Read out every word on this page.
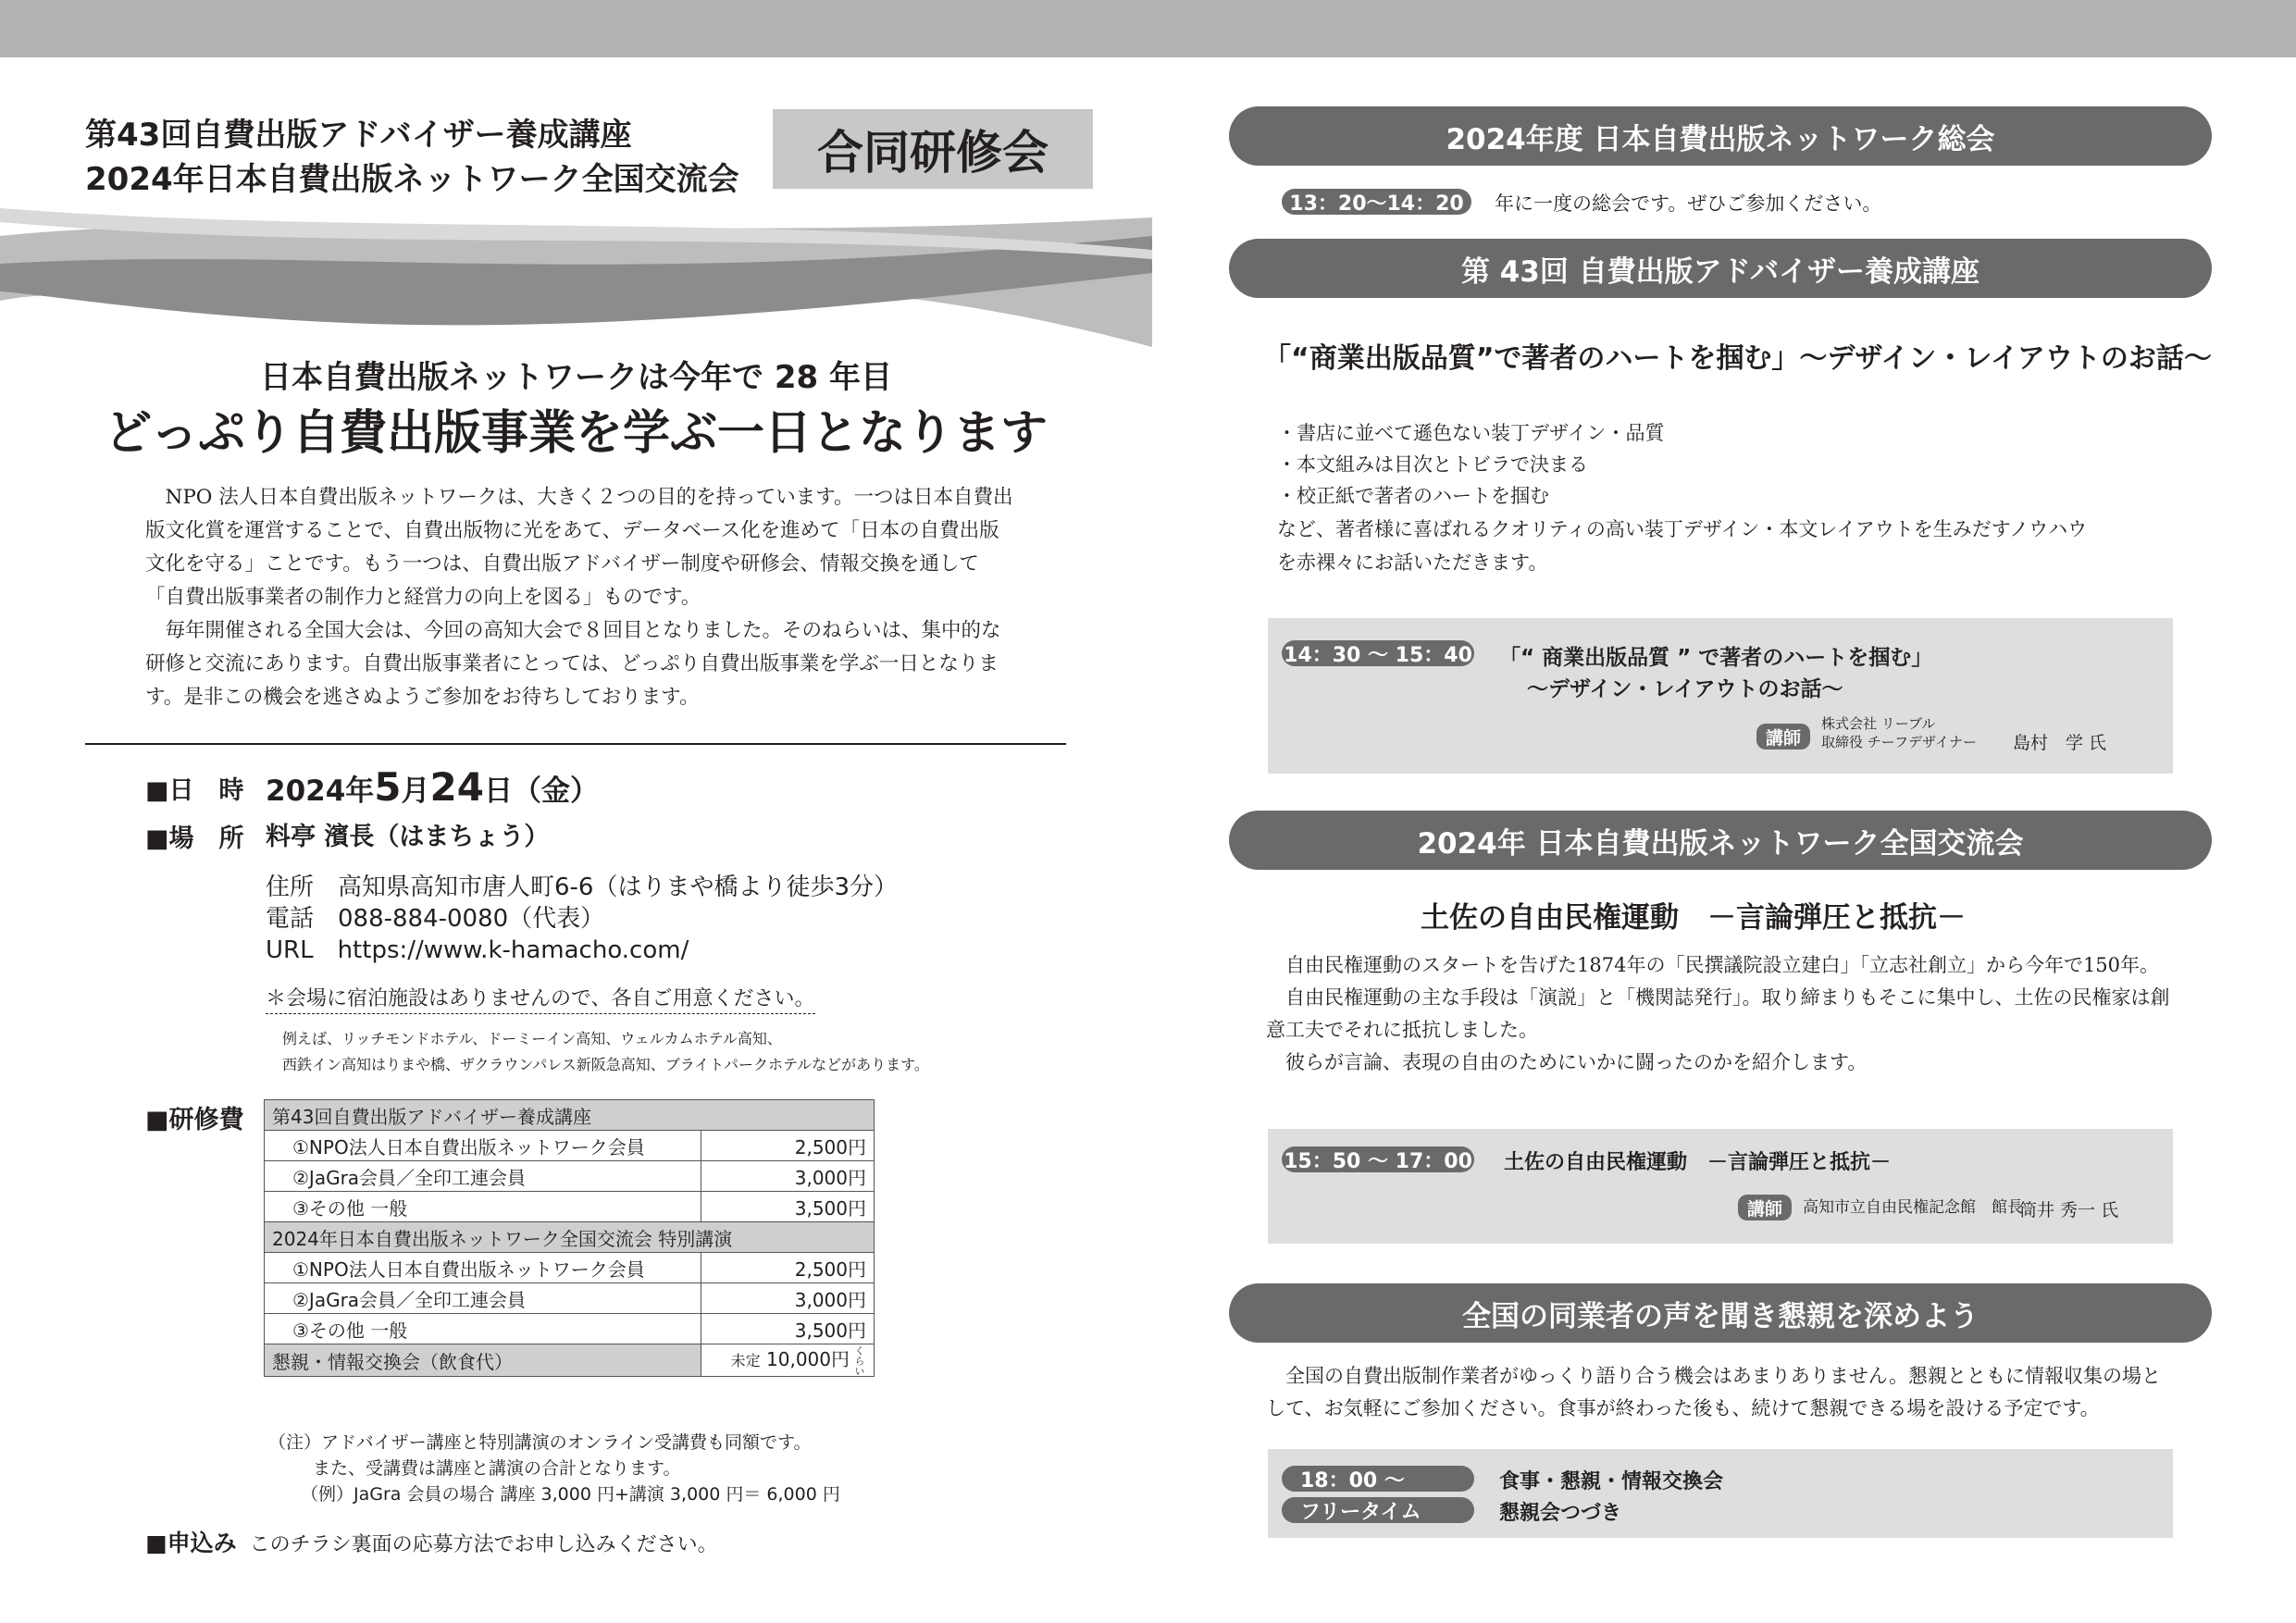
第43回自費出版アドバイザー養成講座
2024年日本自費出版ネットワーク全国交流会	合同研修会
日本自費出版ネットワークは今年で 28 年目
どっぷり自費出版事業を学ぶ一日となります

NPO 法人日本自費出版ネットワークは、大きく２つの目的を持っています。一つは日本自費出版文化賞を運営することで、自費出版物に光をあて、データベース化を進めて「日本の自費出版文化を守る」ことです。もう一つは、自費出版アドバイザー制度や研修会、情報交換を通して「自費出版事業者の制作力と経営力の向上を図る」ものです。

毎年開催される全国大会は、今回の高知大会で８回目となりました。そのねらいは、集中的な研修と交流にあります。自費出版事業者にとっては、どっぷり自費出版事業を学ぶ一日となります。是非この機会を逃さぬようご参加をお待ちしております。

■日　時 2024年5月24日（金）
■場　所 料亭 濱長（はまちょう）
住所　高知県高知市唐人町6-6（はりまや橋より徒歩3分）
電話　088-884-0080（代表）
URL　https://www.k-hamacho.com/
＊会場に宿泊施設はありませんので、各自ご用意ください。
例えば、リッチモンドホテル、ドーミーイン高知、ウェルカムホテル高知、
西鉄イン高知はりまや橋、ザクラウンパレス新阪急高知、ブライトパークホテルなどがあります。
■研修費 第43回自費出版アドバイザー養成講座	
①NPO法人日本自費出版ネットワーク会員	2,500円
②JaGra会員／全印工連会員	3,000円
③その他 一般	3,500円
2024年日本自費出版ネットワーク全国交流会 特別講演	
①NPO法人日本自費出版ネットワーク会員	2,500円
②JaGra会員／全印工連会員	3,000円
③その他 一般	3,500円
懇親・情報交換会（飲食代）	未定 10,000円 くらい
（注）アドバイザー講座と特別講演のオンライン受講費も同額です。
また、受講費は講座と講演の合計となります。
（例）JaGra 会員の場合 講座 3,000 円+講演 3,000 円＝ 6,000 円
■申込み このチラシ裏面の応募方法でお申し込みください。
2024年度 日本自費出版ネットワーク総会
13：20〜14：20	年に一度の総会です。ぜひご参加ください。
第 43回 自費出版アドバイザー養成講座
「“商業出版品質”で著者のハートを掴む」〜デザイン・レイアウトのお話〜
・書店に並べて遜色ない装丁デザイン・品質
・本文組みは目次とトビラで決まる
・校正紙で著者のハートを掴む
など、著者様に喜ばれるクオリティの高い装丁デザイン・本文レイアウトを生みだすノウハウ
を赤裸々にお話いただきます。
14：30 〜 15：40 「“ 商業出版品質 ” で著者のハートを掴む」
〜デザイン・レイアウトのお話〜
講師
株式会社 リーブル
取締役 チーフデザイナー 島村　学 氏
2024年 日本自費出版ネットワーク全国交流会
土佐の自由民権運動　－言論弾圧と抵抗－

自由民権運動のスタートを告げた1874年の「民撰議院設立建白」「立志社創立」から今年で150年。

自由民権運動の主な手段は「演説」と「機関誌発行」。取り締まりもそこに集中し、土佐の民権家は創意工夫でそれに抵抗しました。

彼らが言論、表現の自由のためにいかに闘ったのかを紹介します。

15：50 〜 17：00 土佐の自由民権運動　－言論弾圧と抵抗－
講師	高知市立自由民権記念館　館長
筒井 秀一 氏
全国の同業者の声を聞き懇親を深めよう
全国の自費出版制作業者がゆっくり語り合う機会はあまりありません。懇親とともに情報収集の場として、お気軽にご参加ください。食事が終わった後も、続けて懇親できる場を設ける予定です。
18：00 〜	食事・懇親・情報交換会
フリータイム	懇親会つづき
